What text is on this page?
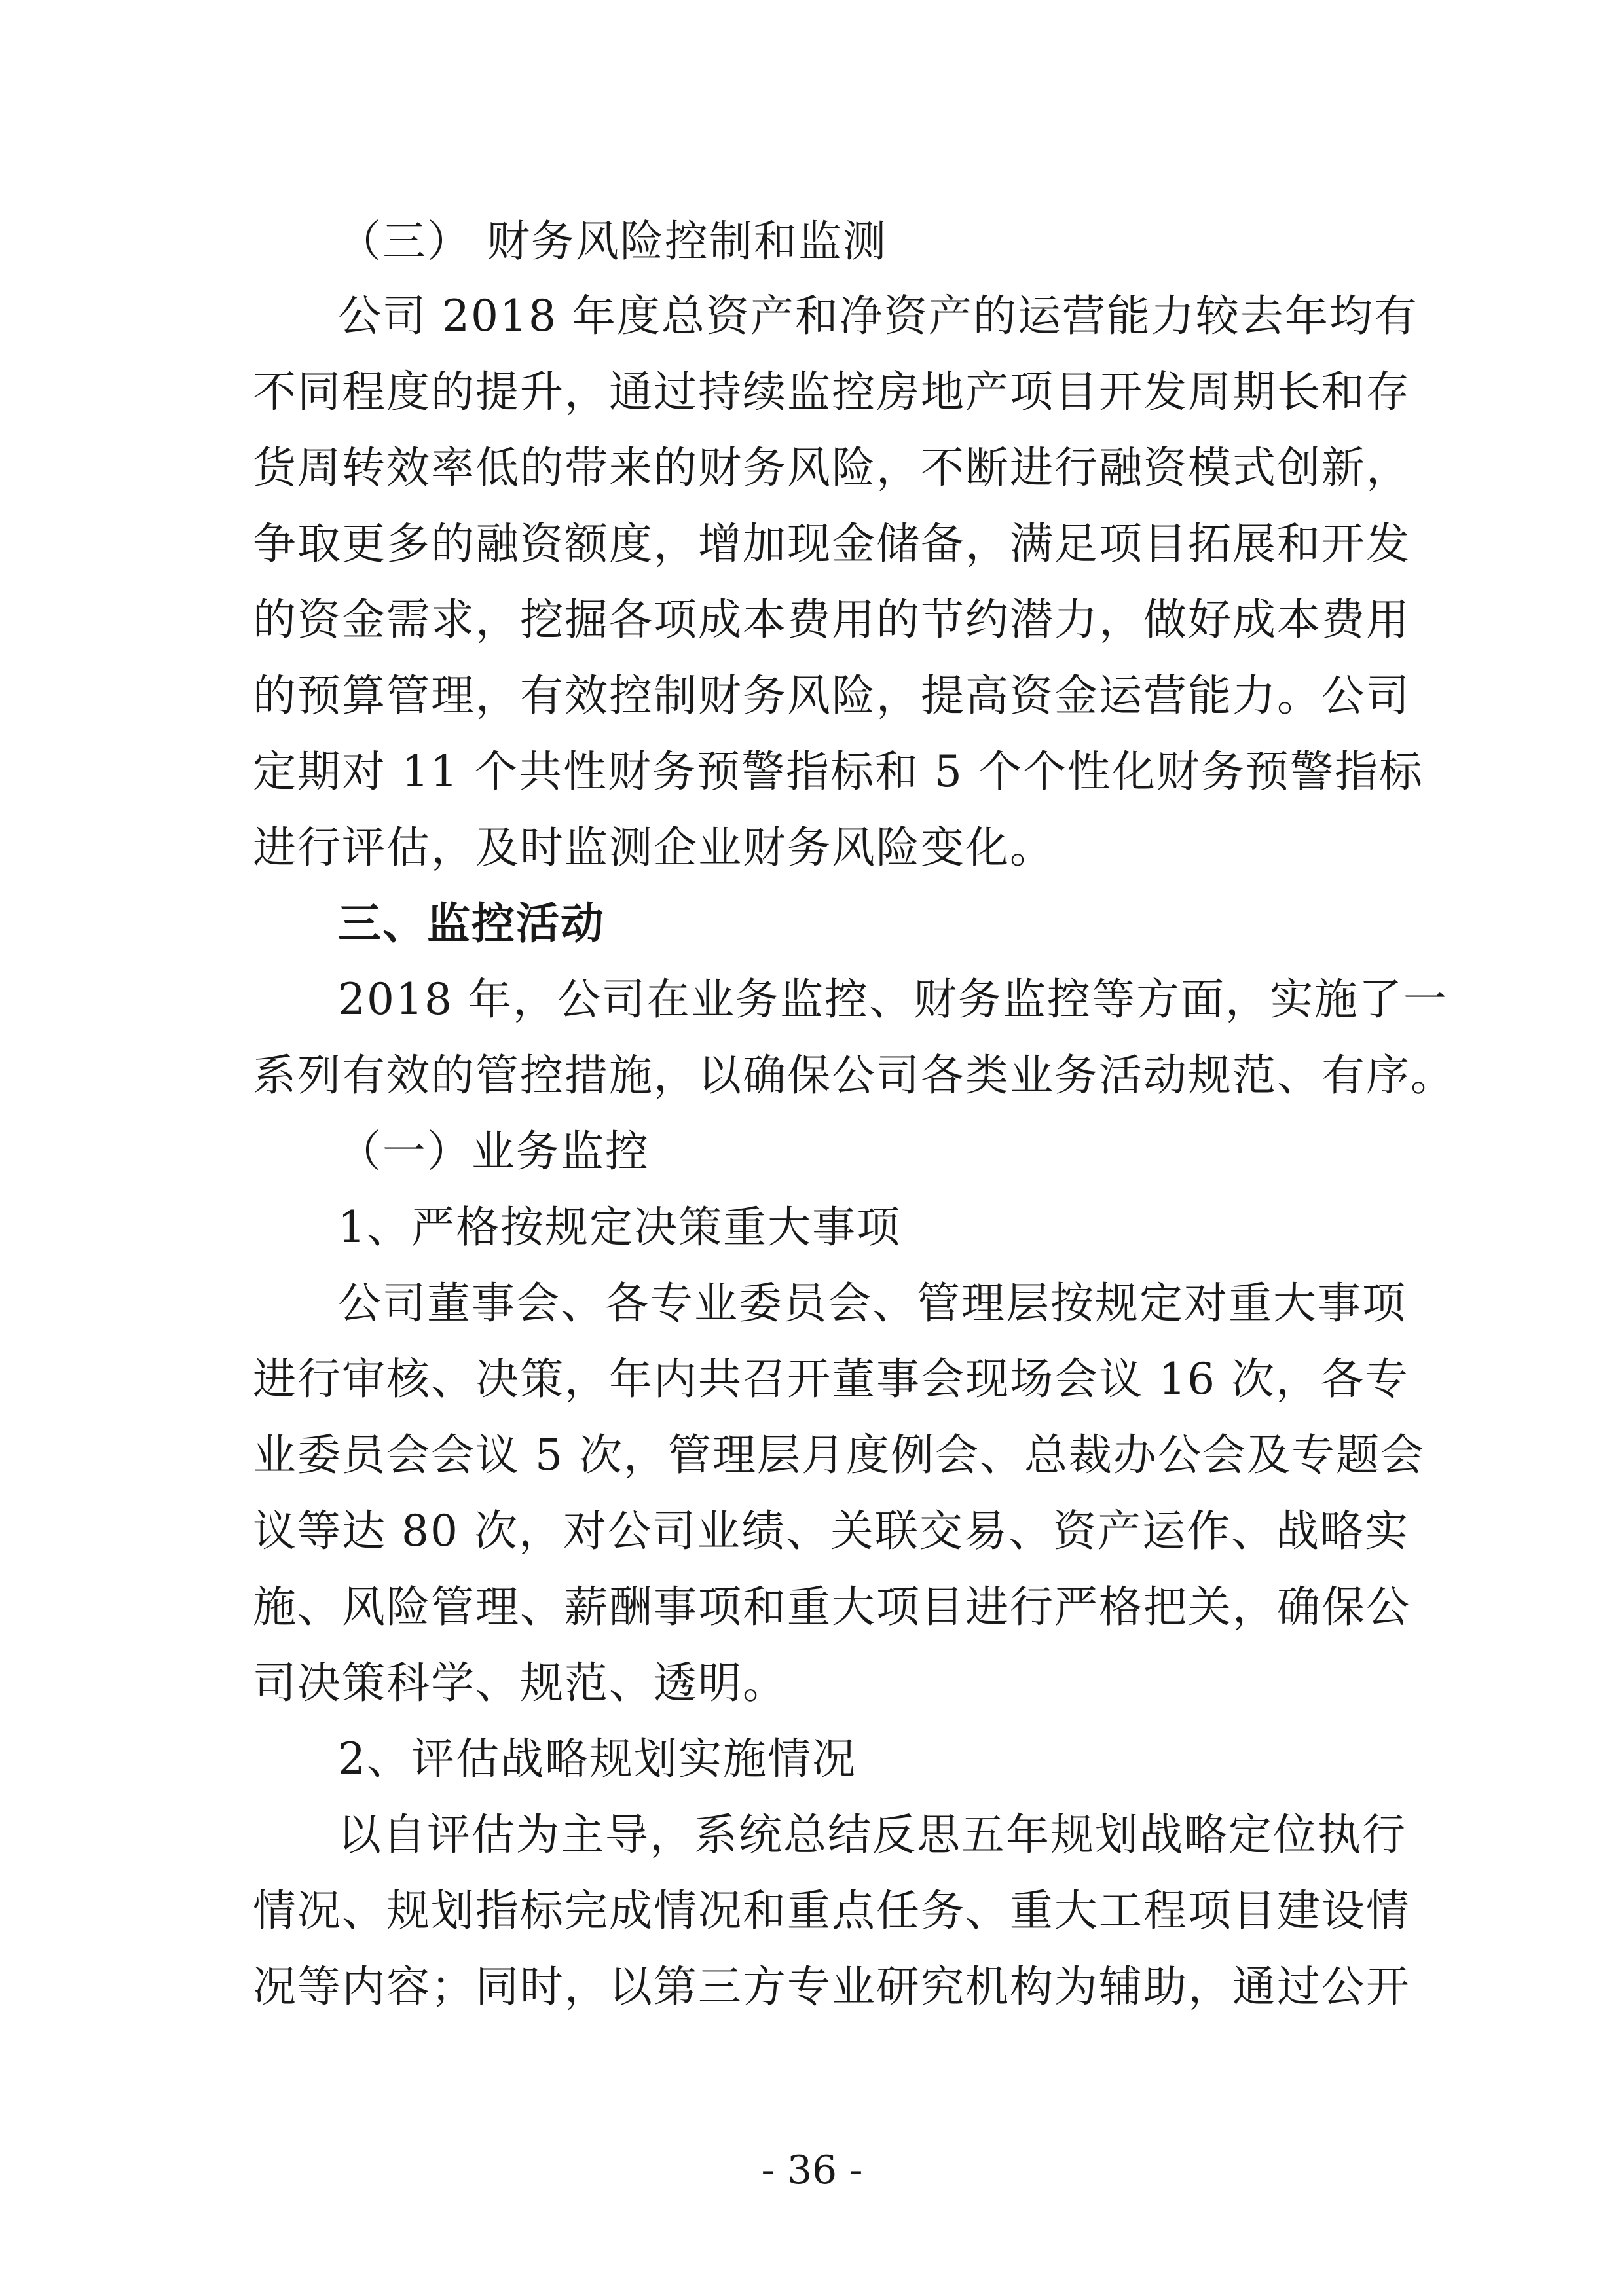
（三） 财务风险控制和监测
公司 2018 年度总资产和净资产的运营能力较去年均有
不同程度的提升，通过持续监控房地产项目开发周期长和存
货周转效率低的带来的财务风险，不断进行融资模式创新，
争取更多的融资额度，增加现金储备，满足项目拓展和开发
的资金需求，挖掘各项成本费用的节约潜力，做好成本费用
的预算管理，有效控制财务风险，提高资金运营能力。公司
定期对 11 个共性财务预警指标和 5 个个性化财务预警指标
进行评估，及时监测企业财务风险变化。
三、监控活动
2018 年，公司在业务监控、财务监控等方面，实施了一
系列有效的管控措施，以确保公司各类业务活动规范、有序。
（一）业务监控
1、严格按规定决策重大事项
公司董事会、各专业委员会、管理层按规定对重大事项
进行审核、决策，年内共召开董事会现场会议 16 次，各专
业委员会会议 5 次，管理层月度例会、总裁办公会及专题会
议等达 80 次，对公司业绩、关联交易、资产运作、战略实
施、风险管理、薪酬事项和重大项目进行严格把关，确保公
司决策科学、规范、透明。
2、评估战略规划实施情况
以自评估为主导，系统总结反思五年规划战略定位执行
情况、规划指标完成情况和重点任务、重大工程项目建设情
况等内容；同时，以第三方专业研究机构为辅助，通过公开
- 36 -
